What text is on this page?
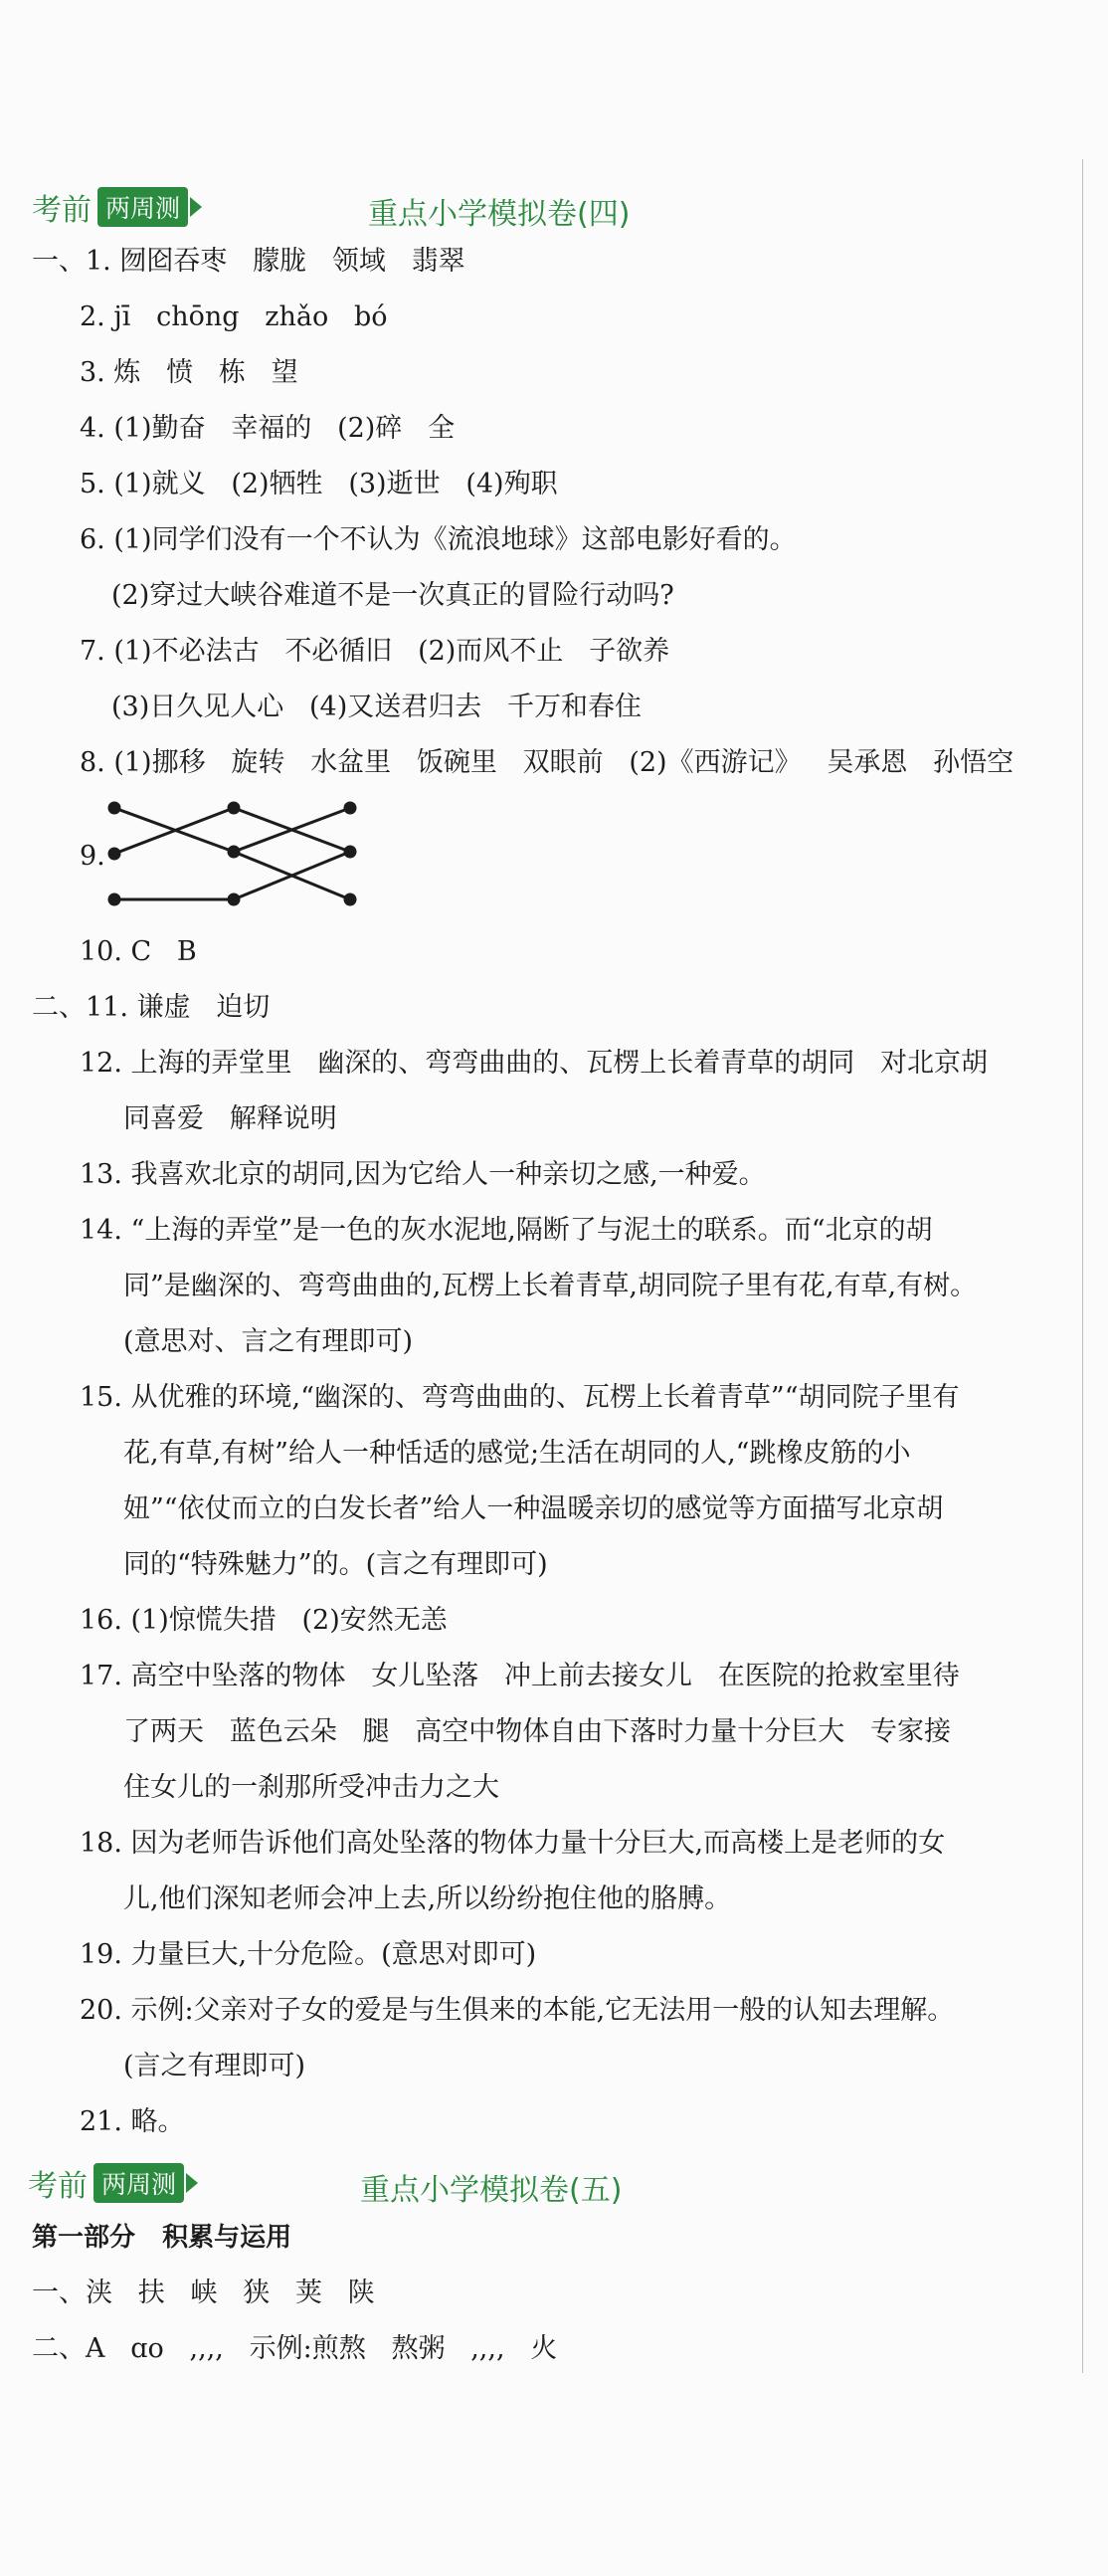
考前 两周测	重点小学模拟卷(四)
一、1. 囫囵吞枣   朦胧   领域   翡翠
2. jī   chōng   zhǎo   bó
3. 炼   愤   栋   望
4. (1)勤奋   幸福的   (2)碎   全
5. (1)就义   (2)牺牲   (3)逝世   (4)殉职
6. (1)同学们没有一个不认为《流浪地球》这部电影好看的。
(2)穿过大峡谷难道不是一次真正的冒险行动吗?
7. (1)不必法古   不必循旧   (2)而风不止   子欲养
(3)日久见人心   (4)又送君归去   千万和春住
8. (1)挪移   旋转   水盆里   饭碗里   双眼前   (2)《西游记》   吴承恩   孙悟空
9.
10. C   B
二、11. 谦虚   迫切
12. 上海的弄堂里   幽深的、弯弯曲曲的、瓦楞上长着青草的胡同   对北京胡
同喜爱   解释说明
13. 我喜欢北京的胡同,因为它给人一种亲切之感,一种爱。
14. “上海的弄堂”是一色的灰水泥地,隔断了与泥土的联系。而“北京的胡
同”是幽深的、弯弯曲曲的,瓦楞上长着青草,胡同院子里有花,有草,有树。
(意思对、言之有理即可)
15. 从优雅的环境,“幽深的、弯弯曲曲的、瓦楞上长着青草”“胡同院子里有
花,有草,有树”给人一种恬适的感觉;生活在胡同的人,“跳橡皮筋的小
妞”“依仗而立的白发长者”给人一种温暖亲切的感觉等方面描写北京胡
同的“特殊魅力”的。(言之有理即可)
16. (1)惊慌失措   (2)安然无恙
17. 高空中坠落的物体   女儿坠落   冲上前去接女儿   在医院的抢救室里待
了两天   蓝色云朵   腿   高空中物体自由下落时力量十分巨大   专家接
住女儿的一刹那所受冲击力之大
18. 因为老师告诉他们高处坠落的物体力量十分巨大,而高楼上是老师的女
儿,他们深知老师会冲上去,所以纷纷抱住他的胳膊。
19. 力量巨大,十分危险。(意思对即可)
20. 示例:父亲对子女的爱是与生俱来的本能,它无法用一般的认知去理解。
(言之有理即可)
21. 略。
考前 两周测	重点小学模拟卷(五)
第一部分   积累与运用
一、浃   扶   峡   狭   荚   陕
二、A   ɑo   ,,,,   示例:煎熬   熬粥   ,,,,   火
